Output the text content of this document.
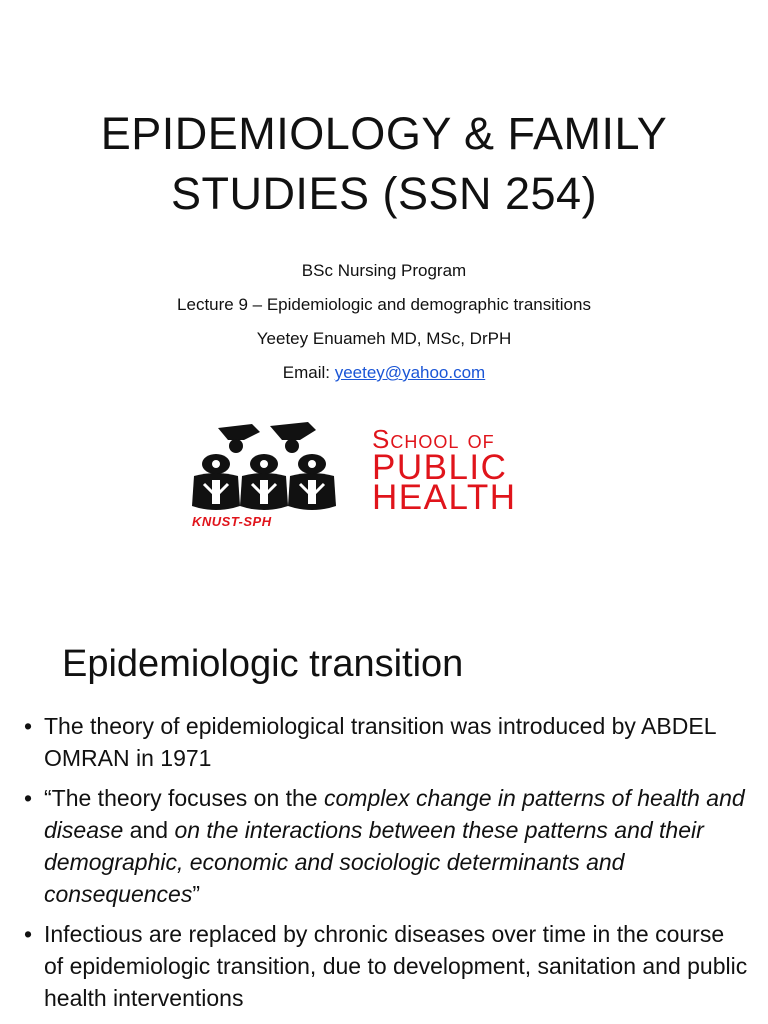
EPIDEMIOLOGY & FAMILY
STUDIES (SSN 254)
BSc Nursing Program
Lecture 9 – Epidemiologic and demographic transitions
Yeetey Enuameh MD, MSc, DrPH
Email: yeetey@yahoo.com
KNUST-SPH
School of
PUBLIC
HEALTH
Epidemiologic transition
• The theory of epidemiological transition was introduced by ABDEL OMRAN in 1971
• “The theory focuses on the complex change in patterns of health and disease and on the interactions between these patterns and their demographic, economic and sociologic determinants and consequences”
• Infectious are replaced by chronic diseases over time in the course of epidemiologic transition, due to development, sanitation and public health interventions
